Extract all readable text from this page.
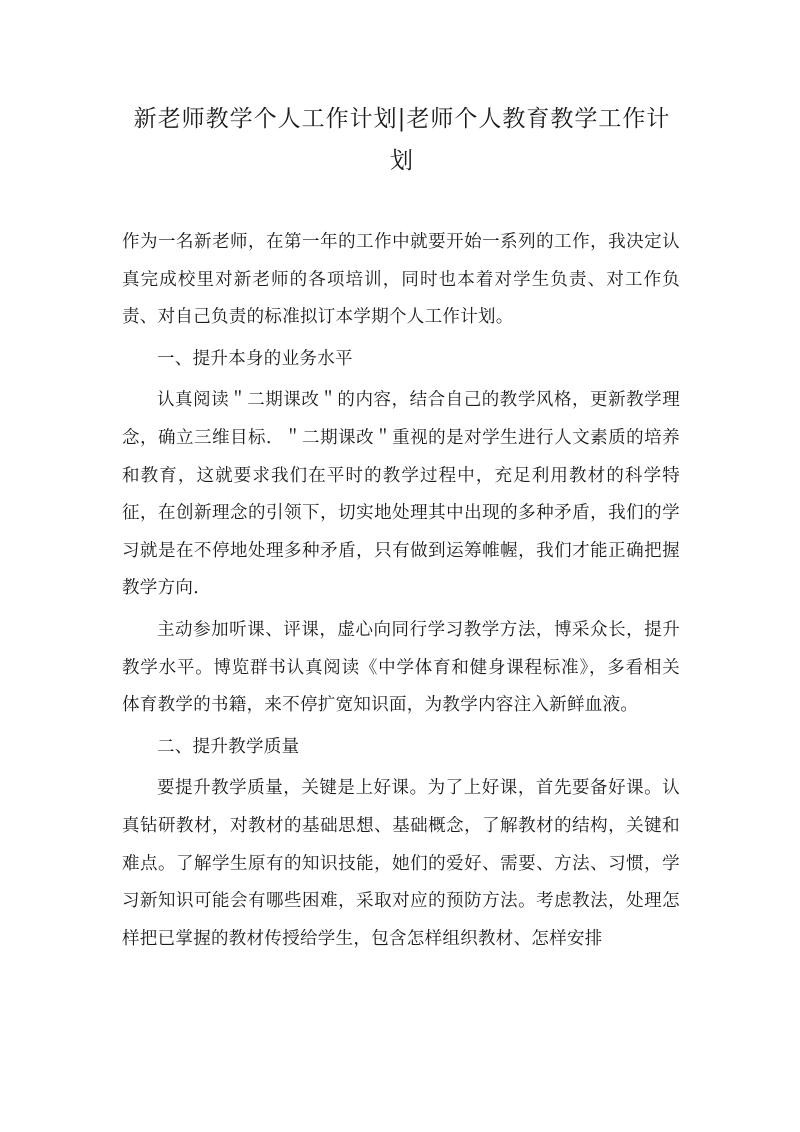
新老师教学个人工作计划|老师个人教育教学工作计划

作为一名新老师，在第一年的工作中就要开始一系列的工作，我决定认真完成校里对新老师的各项培训，同时也本着对学生负责、对工作负责、对自己负责的标准拟订本学期个人工作计划。

一、提升本身的业务水平

认真阅读＂二期课改＂的内容，结合自己的教学风格，更新教学理念，确立三维目标．＂二期课改＂重视的是对学生进行人文素质的培养和教育，这就要求我们在平时的教学过程中，充足利用教材的科学特征，在创新理念的引领下，切实地处理其中出现的多种矛盾，我们的学习就是在不停地处理多种矛盾，只有做到运筹帷幄，我们才能正确把握教学方向．

主动参加听课、评课，虚心向同行学习教学方法，博采众长，提升教学水平。博览群书认真阅读《中学体育和健身课程标准》，多看相关体育教学的书籍，来不停扩宽知识面，为教学内容注入新鲜血液。

二、提升教学质量

要提升教学质量，关键是上好课。为了上好课，首先要备好课。认真钻研教材，对教材的基础思想、基础概念，了解教材的结构，关键和难点。了解学生原有的知识技能，她们的爱好、需要、方法、习惯，学习新知识可能会有哪些困难，采取对应的预防方法。考虑教法，处理怎样把已掌握的教材传授给学生，包含怎样组织教材、怎样安排
